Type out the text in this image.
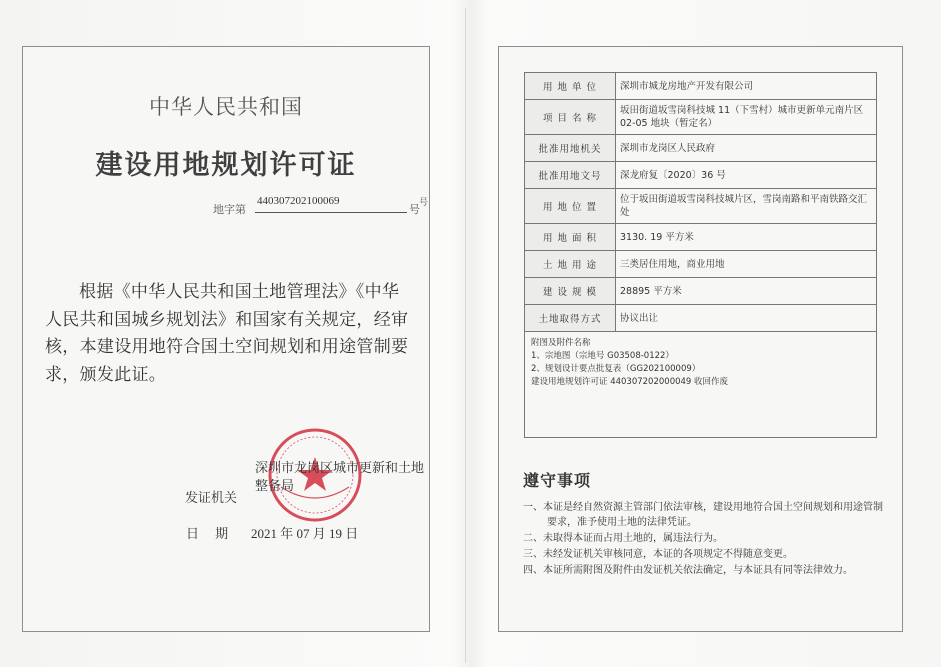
中华人民共和国
建设用地规划许可证
地字第
440307202100069
号 号
根据《中华人民共和国土地管理法》《中华人民共和国城乡规划法》和国家有关规定，经审核，本建设用地符合国土空间规划和用途管制要求，颁发此证。
深圳市龙岗区城市更新和土地整备局
发证机关
日 期 2021 年 07 月 19 日
用 地 单 位	深圳市城龙房地产开发有限公司
项 目 名 称	坂田街道坂雪岗科技城 11（下雪村）城市更新单元南片区 02-05 地块（暂定名）
批准用地机关	深圳市龙岗区人民政府
批准用地文号	深龙府复〔2020〕36 号
用 地 位 置	位于坂田街道坂雪岗科技城片区，雪岗南路和平南铁路交汇处
用 地 面 积	3130. 19 平方米
土 地 用 途	三类居住用地，商业用地
建 设 规 模	28895 平方米
土地取得方式	协议出让

附图及附件名称
1、宗地图（宗地号 G03508-0122）
2、规划设计要点批复表（GG202100009）
建设用地规划许可证 440307202000049 收回作废	
遵守事项
一、本证是经自然资源主管部门依法审核，建设用地符合国土空间规划和用途管制要求，准予使用土地的法律凭证。
二、未取得本证而占用土地的，属违法行为。
三、未经发证机关审核同意，本证的各项规定不得随意变更。
四、本证所需附图及附件由发证机关依法确定，与本证具有同等法律效力。
